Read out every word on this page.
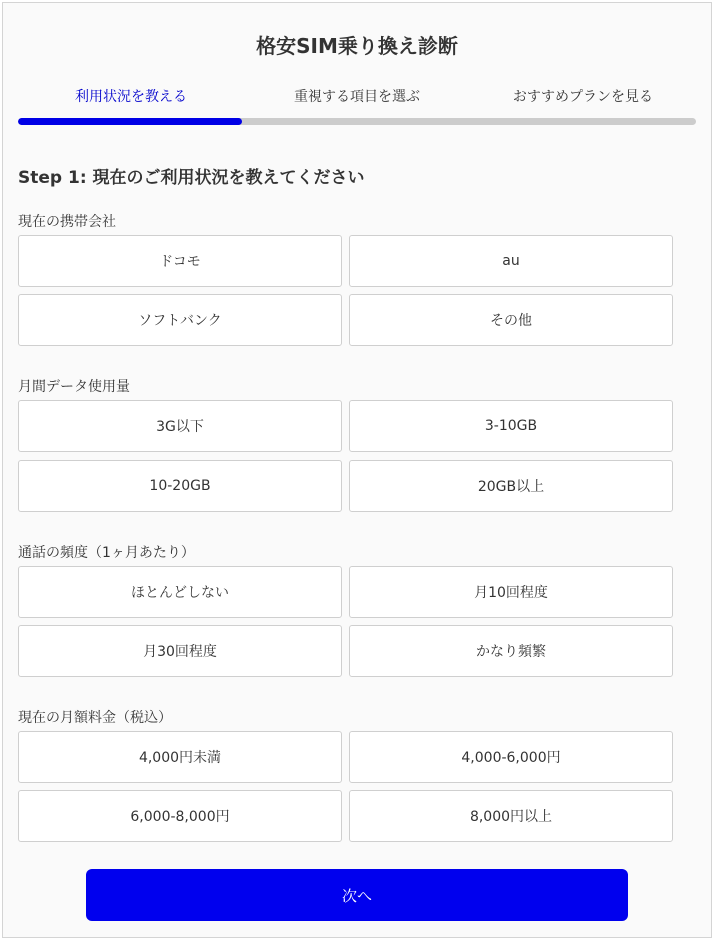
格安SIM乗り換え診断
利用状況を教える	重視する項目を選ぶ	おすすめプランを見る
Step 1: 現在のご利用状況を教えてください
現在の携帯会社
ドコモ	au
ソフトバンク	その他
月間データ使用量
3G以下	3-10GB
10-20GB	20GB以上
通話の頻度（1ヶ月あたり）
ほとんどしない	月10回程度
月30回程度	かなり頻繁
現在の月額料金（税込）
4,000円未満	4,000-6,000円
6,000-8,000円	8,000円以上
次へ
